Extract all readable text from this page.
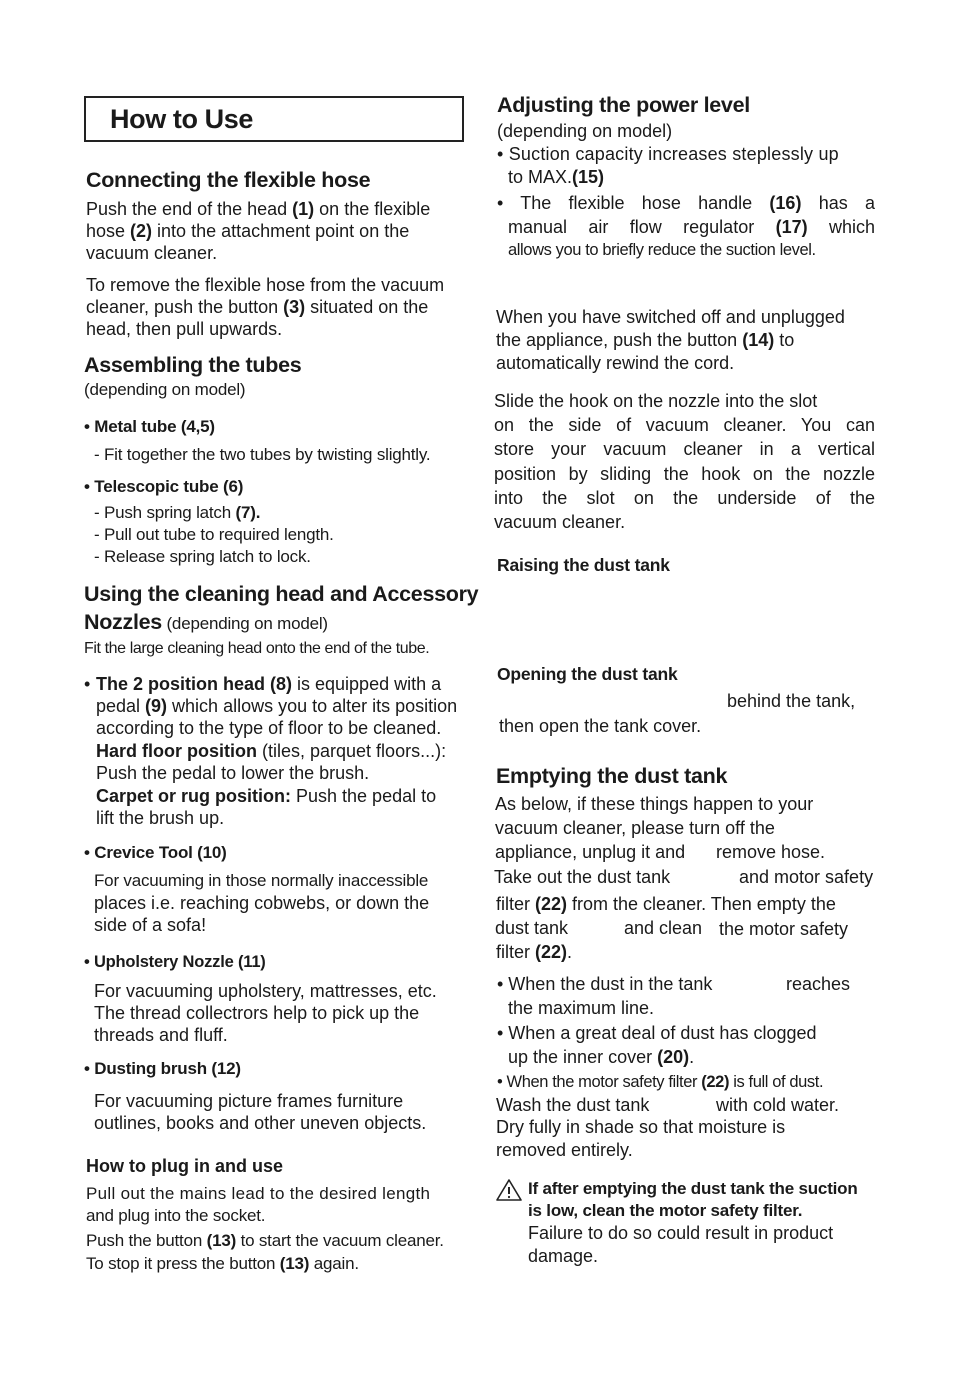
How to Use
Connecting the flexible hose
Push the end of the head (1) on the flexible
hose (2) into the attachment point on the
vacuum cleaner.
To remove the flexible hose from the vacuum
cleaner, push the button (3) situated on the
head, then pull upwards.
Assembling the tubes
(depending on model)
• Metal tube (4,5)
- Fit together the two tubes by twisting slightly.
• Telescopic tube (6)
- Push spring latch (7).
- Pull out tube to required length.
- Release spring latch to lock.
Using the cleaning head and Accessory
Nozzles (depending on model)
Fit the large cleaning head onto the end of the tube.
• The 2 position head (8) is equipped with a
pedal (9) which allows you to alter its position
according to the type of floor to be cleaned.
Hard floor position (tiles, parquet floors...):
Push the pedal to lower the brush.
Carpet or rug position: Push the pedal to
lift the brush up.
• Crevice Tool (10)
For vacuuming in those normally inaccessible
places i.e. reaching cobwebs, or down the
side of a sofa!
• Upholstery Nozzle (11)
For vacuuming upholstery, mattresses, etc.
The thread collectrors help to pick up the
threads and fluff.
• Dusting brush (12)
For vacuuming picture frames furniture
outlines, books and other uneven objects.
How to plug in and use
Pull out the mains lead to the desired length
and plug into the socket.
Push the button (13) to start the vacuum cleaner.
To stop it press the button (13) again.
Adjusting the power level
(depending on model)
• Suction capacity increases steplessly up
to MAX.(15)
• The flexible hose handle (16) has a
manual air flow regulator (17) which
allows you to briefly reduce the suction level.
When you have switched off and unplugged
the appliance, push the button (14) to
automatically rewind the cord.
Slide the hook on the nozzle into the slot
on the side of vacuum cleaner. You can
store your vacuum cleaner in a vertical
position by sliding the hook on the nozzle
into the slot on the underside of the
vacuum cleaner.
Raising the dust tank
Opening the dust tank
behind the tank,
then open the tank cover.
Emptying the dust tank
As below, if these things happen to your
vacuum cleaner, please turn off the
appliance, unplug it and remove hose.
Take out the dust tank	and motor safety
filter (22) from the cleaner. Then empty the
dust tank	and clean the motor safety
filter (22).
• When the dust in the tank	reaches
the maximum line.
• When a great deal of dust has clogged
up the inner cover (20).
• When the motor safety filter (22) is full of dust.
Wash the dust tank	with cold water.
Dry fully in shade so that moisture is
removed entirely.
If after emptying the dust tank the suction
is low, clean the motor safety filter.
Failure to do so could result in product
damage.
